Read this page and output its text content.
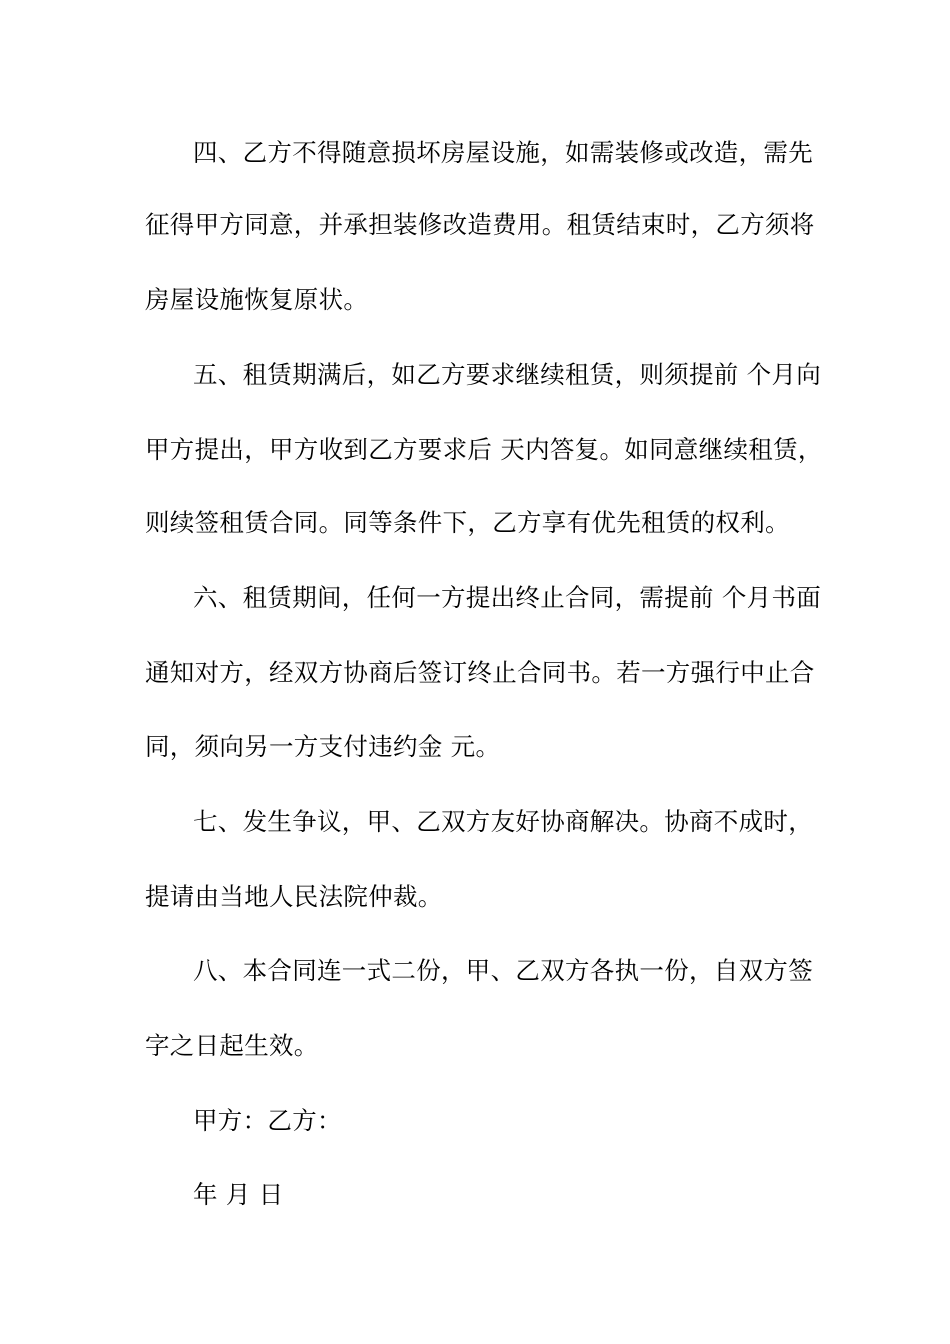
四、乙方不得随意损坏房屋设施，如需装修或改造，需先
征得甲方同意，并承担装修改造费用。租赁结束时，乙方须将
房屋设施恢复原状。
五、租赁期满后，如乙方要求继续租赁，则须提前 个月向
甲方提出，甲方收到乙方要求后 天内答复。如同意继续租赁，
则续签租赁合同。同等条件下，乙方享有优先租赁的权利。
六、租赁期间，任何一方提出终止合同，需提前 个月书面
通知对方，经双方协商后签订终止合同书。若一方强行中止合
同，须向另一方支付违约金 元。
七、发生争议，甲、乙双方友好协商解决。协商不成时，
提请由当地人民法院仲裁。
八、本合同连一式二份，甲、乙双方各执一份，自双方签
字之日起生效。
甲方：乙方：
年 月 日
